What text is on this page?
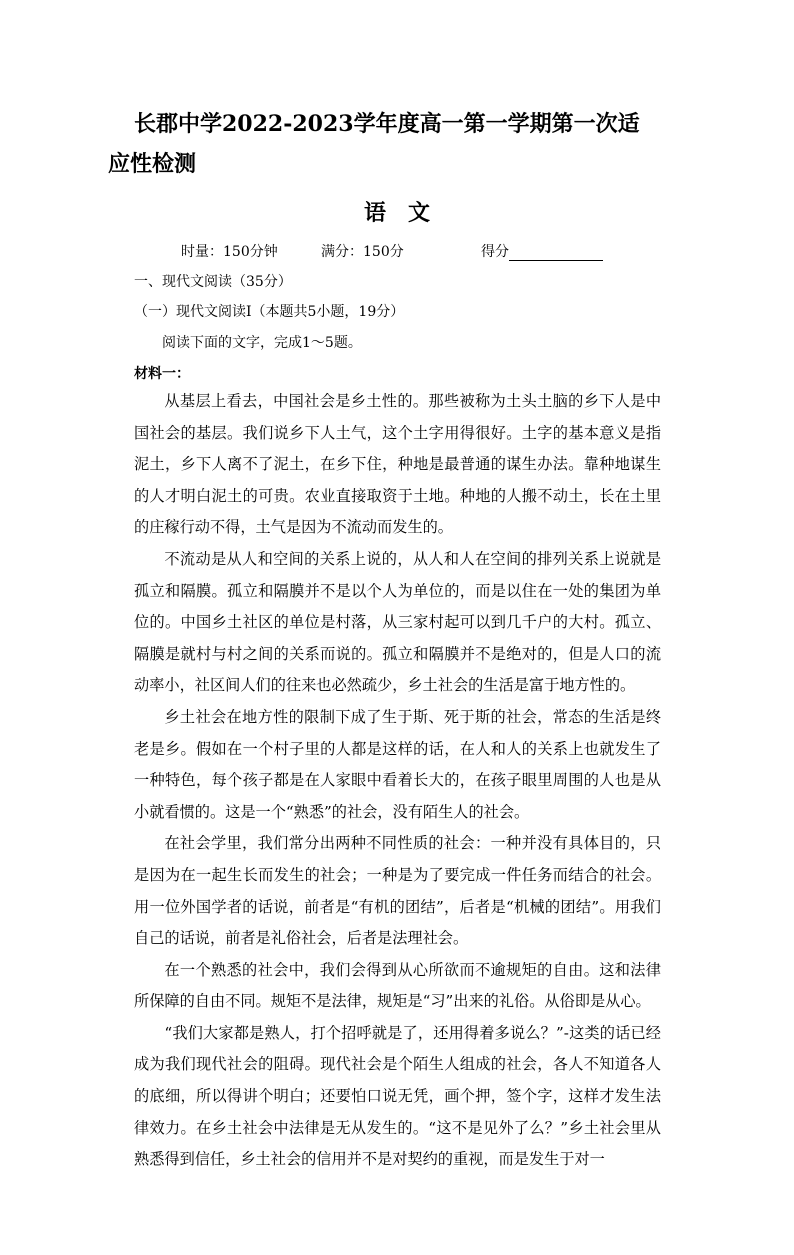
长郡中学2022-2023学年度高一第一学期第一次适应性检测
语文
时量：150分钟	满分：150分	得分
一、现代文阅读（35分）
（一）现代文阅读Ⅰ（本题共5小题，19分）
阅读下面的文字，完成1～5题。
材料一：

从基层上看去，中国社会是乡土性的。那些被称为土头土脑的乡下人是中国社会的基层。我们说乡下人土气，这个土字用得很好。土字的基本意义是指泥土，乡下人离不了泥土，在乡下住，种地是最普通的谋生办法。靠种地谋生的人才明白泥土的可贵。农业直接取资于土地。种地的人搬不动土，长在土里的庄稼行动不得，土气是因为不流动而发生的。

不流动是从人和空间的关系上说的，从人和人在空间的排列关系上说就是孤立和隔膜。孤立和隔膜并不是以个人为单位的，而是以住在一处的集团为单位的。中国乡土社区的单位是村落，从三家村起可以到几千户的大村。孤立、隔膜是就村与村之间的关系而说的。孤立和隔膜并不是绝对的，但是人口的流动率小，社区间人们的往来也必然疏少，乡土社会的生活是富于地方性的。

乡土社会在地方性的限制下成了生于斯、死于斯的社会，常态的生活是终老是乡。假如在一个村子里的人都是这样的话，在人和人的关系上也就发生了一种特色，每个孩子都是在人家眼中看着长大的，在孩子眼里周围的人也是从小就看惯的。这是一个“熟悉”的社会，没有陌生人的社会。

在社会学里，我们常分出两种不同性质的社会：一种并没有具体目的，只是因为在一起生长而发生的社会；一种是为了要完成一件任务而结合的社会。用一位外国学者的话说，前者是“有机的团结”，后者是“机械的团结”。用我们自己的话说，前者是礼俗社会，后者是法理社会。

在一个熟悉的社会中，我们会得到从心所欲而不逾规矩的自由。这和法律所保障的自由不同。规矩不是法律，规矩是“习”出来的礼俗。从俗即是从心。

“我们大家都是熟人，打个招呼就是了，还用得着多说么？”-这类的话已经成为我们现代社会的阻碍。现代社会是个陌生人组成的社会，各人不知道各人的底细，所以得讲个明白；还要怕口说无凭，画个押，签个字，这样才发生法律效力。在乡土社会中法律是无从发生的。“这不是见外了么？”乡土社会里从熟悉得到信任，乡土社会的信用并不是对契约的重视，而是发生于对一
